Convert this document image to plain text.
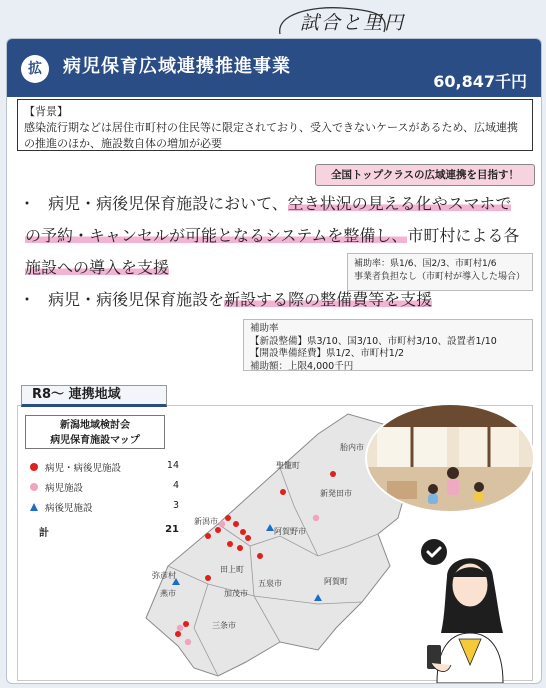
試合と里円
拡	病児保育広域連携推進事業
60,847千円
【背景】
感染流行期などは居住市町村の住民等に限定されており、受入できないケースがあるため、広域連携の推進のほか、施設数自体の増加が必要
全国トップクラスの広域連携を目指す！
・ 病児・病後児保育施設において、空き状況の見える化やスマホで
の予約・キャンセルが可能となるシステムを整備し、市町村による各
施設への導入を支援	補助率：県1/6、国2/3、市町村1/6
事業者負担なし（市町村が導入した場合）
・ 病児・病後児保育施設を新設する際の整備費等を支援
補助率
【新設整備】県3/10、国3/10、市町村3/10、設置者1/10
【開設準備経費】県1/2、市町村1/2
補助額：上限4,000千円
胎内市
聖籠町
新発田市
新潟市
阿賀野市
弥彦村
田上町
五泉市	阿賀町
燕市	加茂市
三条市
R8～ 連携地域
新潟地域検討会
病児保育施設マップ
病児・病後児施設	14
病児施設	4
病後児施設	3
計	21
